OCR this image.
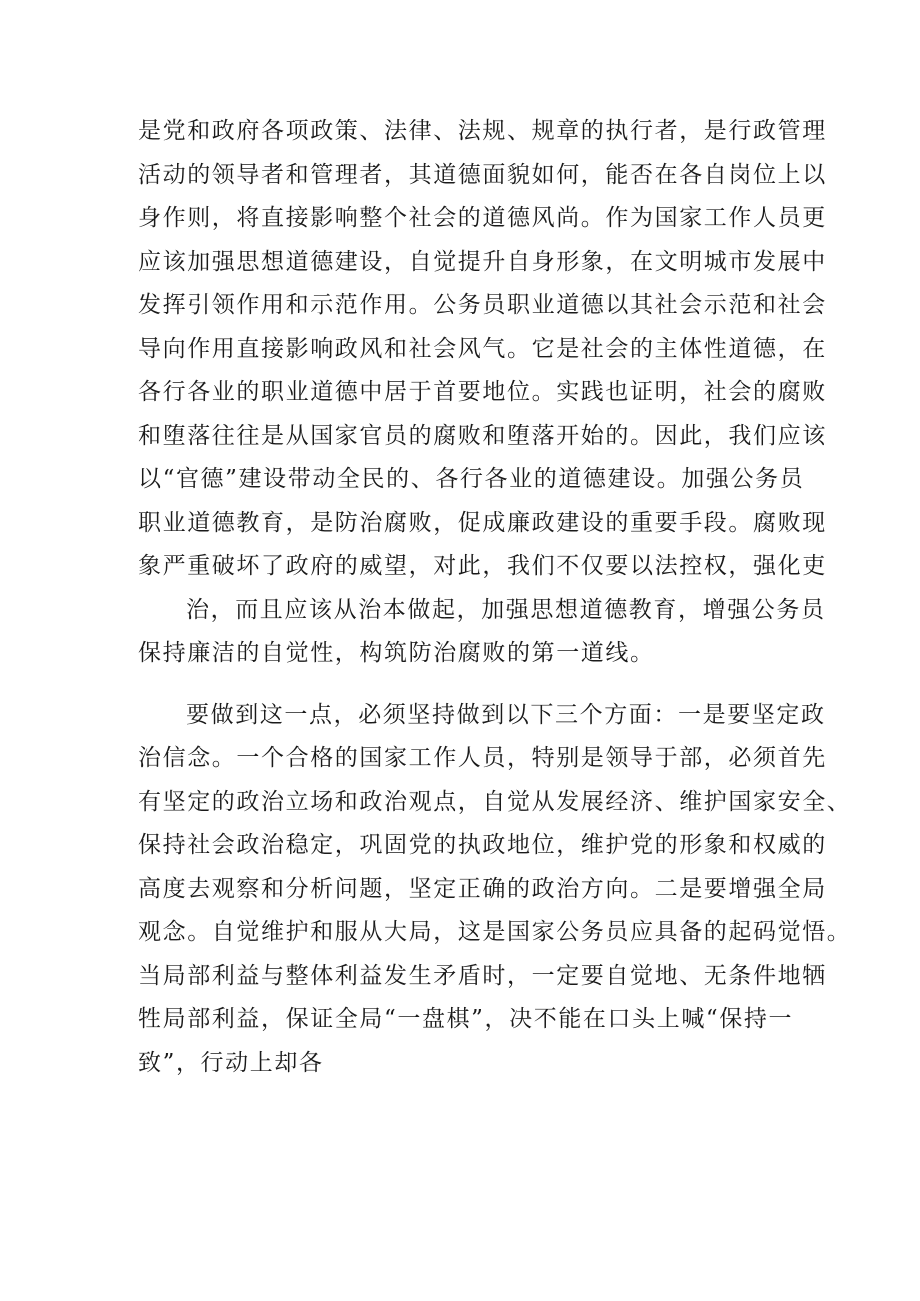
是党和政府各项政策、法律、法规、规章的执行者，是行政管理
活动的领导者和管理者，其道德面貌如何，能否在各自岗位上以
身作则，将直接影响整个社会的道德风尚。作为国家工作人员更
应该加强思想道德建设，自觉提升自身形象，在文明城市发展中
发挥引领作用和示范作用。公务员职业道德以其社会示范和社会
导向作用直接影响政风和社会风气。它是社会的主体性道德，在
各行各业的职业道德中居于首要地位。实践也证明，社会的腐败
和堕落往往是从国家官员的腐败和堕落开始的。因此，我们应该
以“官德”建设带动全民的、各行各业的道德建设。加强公务员
职业道德教育，是防治腐败，促成廉政建设的重要手段。腐败现
象严重破坏了政府的威望，对此，我们不仅要以法控权，强化吏
治，而且应该从治本做起，加强思想道德教育，增强公务员
保持廉洁的自觉性，构筑防治腐败的第一道线。
要做到这一点，必须坚持做到以下三个方面：一是要坚定政
治信念。一个合格的国家工作人员，特别是领导于部，必须首先
有坚定的政治立场和政治观点，自觉从发展经济、维护国家安全、
保持社会政治稳定，巩固党的执政地位，维护党的形象和权威的
高度去观察和分析问题，坚定正确的政治方向。二是要增强全局
观念。自觉维护和服从大局，这是国家公务员应具备的起码觉悟。
当局部利益与整体利益发生矛盾时，一定要自觉地、无条件地牺
牲局部利益，保证全局“一盘棋”，决不能在口头上喊“保持一
致”，行动上却各
